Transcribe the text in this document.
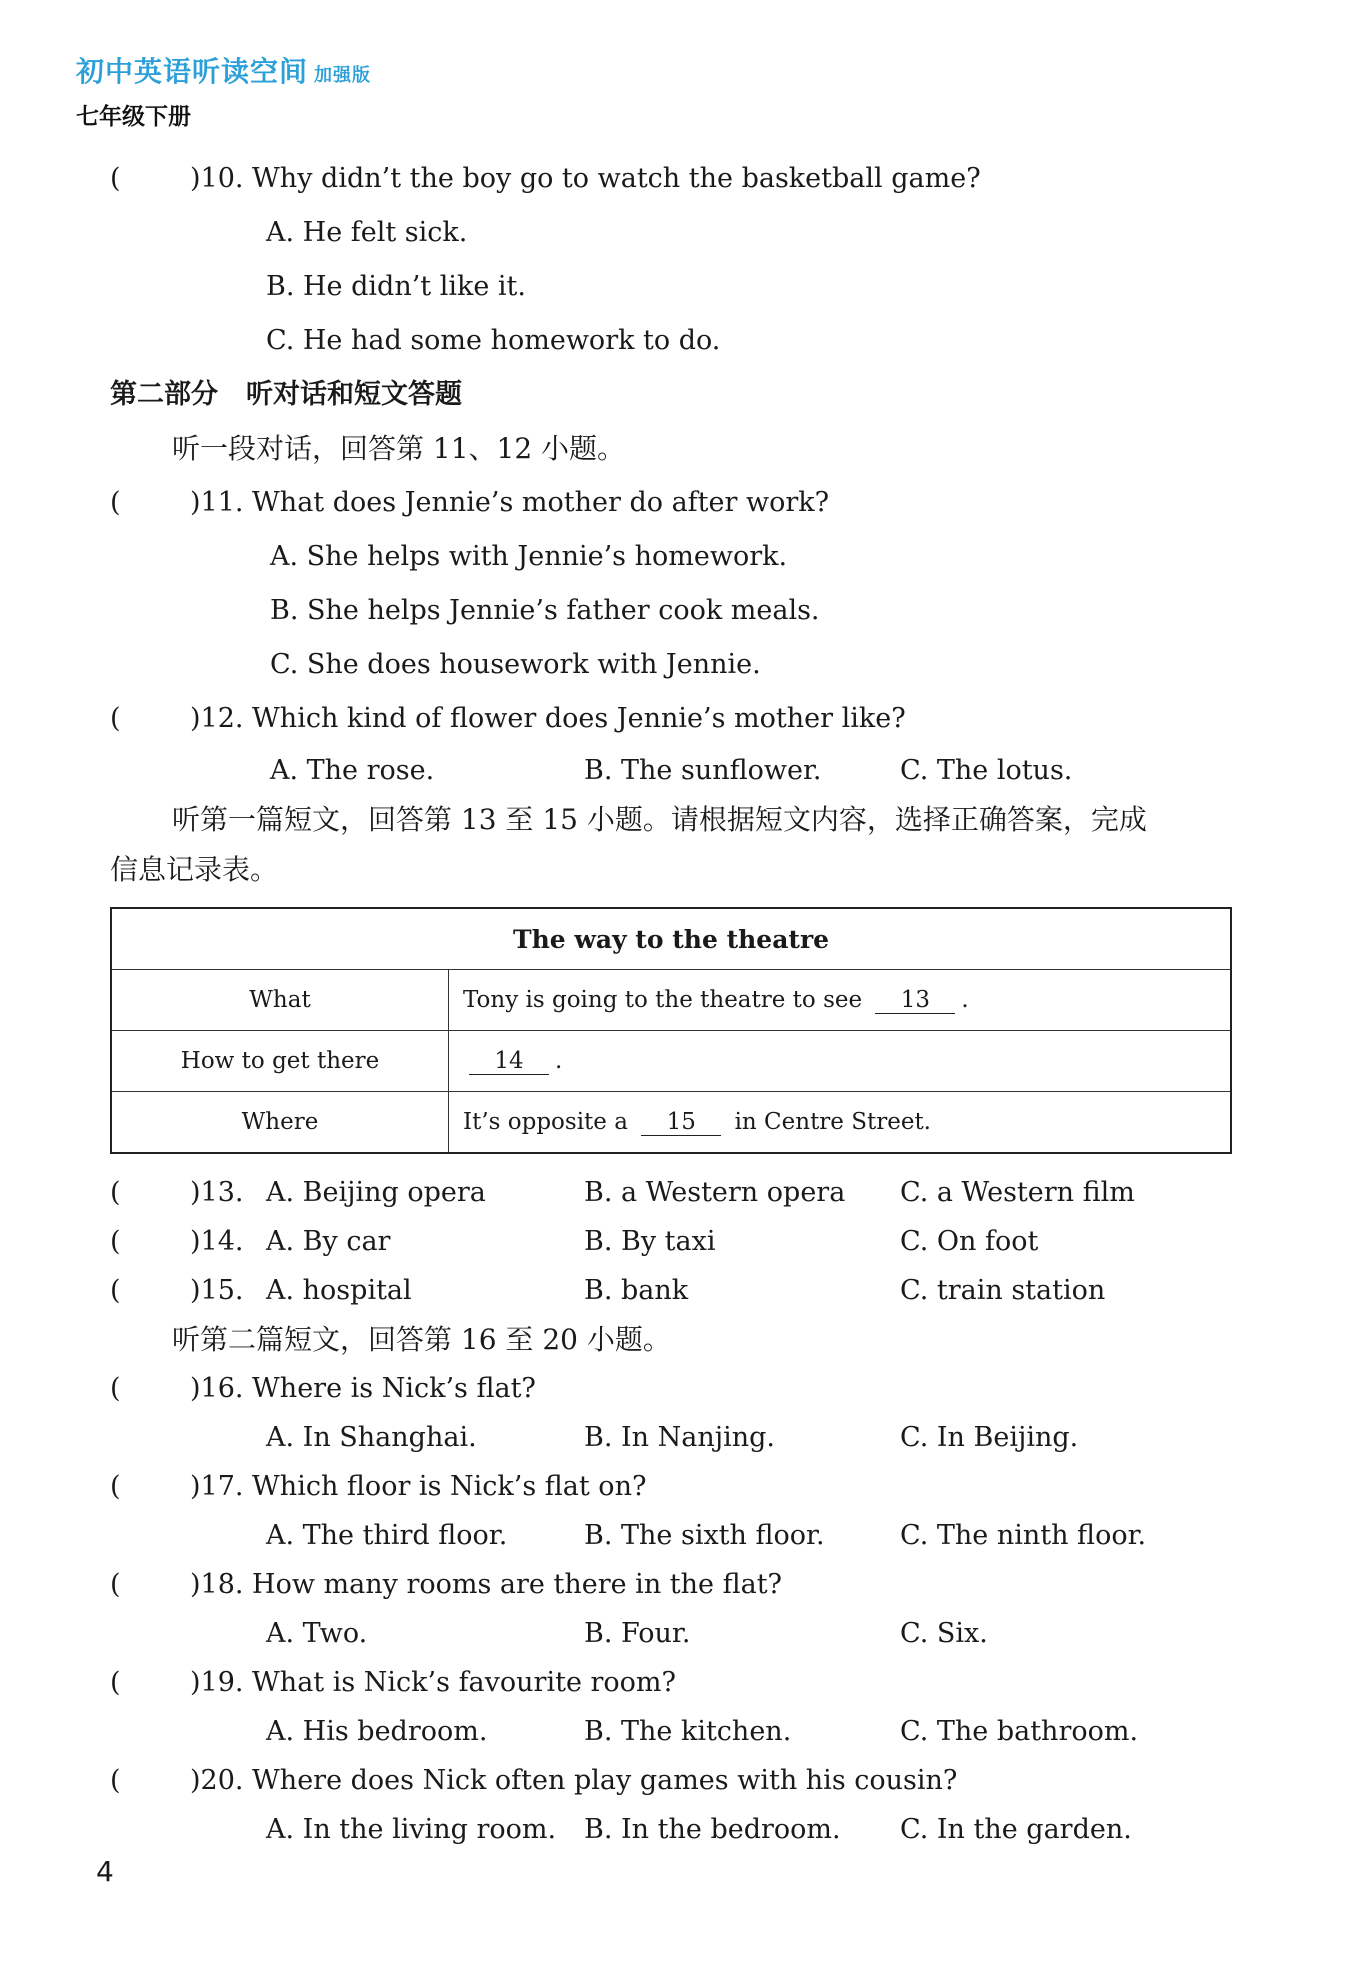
初中英语听读空间 加强版
七年级下册
(	)10. Why didn’t the boy go to watch the basketball game?
A. He felt sick.
B. He didn’t like it.
C. He had some homework to do.
第二部分 听对话和短文答题
听一段对话，回答第 11、12 小题。
(	)11. What does Jennie’s mother do after work?
A. She helps with Jennie’s homework.
B. She helps Jennie’s father cook meals.
C. She does housework with Jennie.
(	)12. Which kind of flower does Jennie’s mother like?
A. The rose.	B. The sunflower.	C. The lotus.
听第一篇短文，回答第 13 至 15 小题。请根据短文内容，选择正确答案，完成
信息记录表。
The way to the theatre	
What	Tony is going to the theatre to see 13 .
How to get there	14 .
Where	It’s opposite a 15 in Centre Street.
(	)13. A. Beijing opera	B. a Western opera C. a Western film
(	)14. A. By car	B. By taxi	C. On foot
(	)15. A. hospital	B. bank	C. train station
听第二篇短文，回答第 16 至 20 小题。
(	)16. Where is Nick’s flat?
A. In Shanghai.	B. In Nanjing.	C. In Beijing.
(	)17. Which floor is Nick’s flat on?
A. The third floor.	B. The sixth floor.	C. The ninth floor.
(	)18. How many rooms are there in the flat?
A. Two.	B. Four.	C. Six.
(	)19. What is Nick’s favourite room?
A. His bedroom.	B. The kitchen.	C. The bathroom.
(	)20. Where does Nick often play games with his cousin?
A. In the living room. B. In the bedroom. C. In the garden.
4
